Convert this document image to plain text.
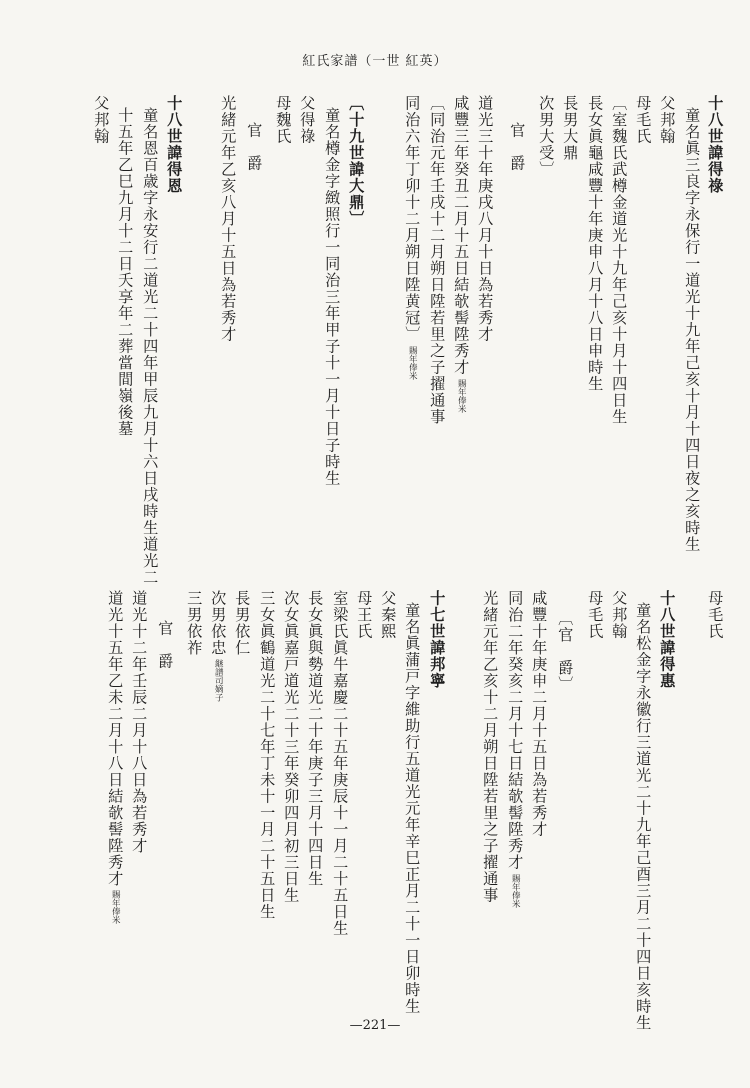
紅氏家譜（一世 紅英）
十八世諱得祿
童名眞三良字永保行一道光十九年己亥十月十四日夜之亥時生
父邦翰
母毛氏
〔室魏氏武樽金道光十九年己亥十月十四日生
長女眞龜咸豐十年庚申八月十八日申時生
長男大鼎
次男大受〕
官　爵
道光三十年庚戌八月十日為若秀才
咸豐三年癸丑二月十五日結欹髻陞秀才賜年俸米
〔同治元年壬戌十二月朔日陞若里之子擢通事
同治六年丁卯十二月朔日陞黄冠〕賜年俸米
〔十九世諱大鼎〕
童名樽金字緻照行一同治三年甲子十一月十日子時生
父得祿
母魏氏
官　爵
光緒元年乙亥八月十五日為若秀才
十八世諱得恩
童名恩百歳字永安行二道光二十四年甲辰九月十六日戌時生道光二
十五年乙巳九月十二日夭享年二葬當間嶺後墓
父邦翰
母毛氏
十八世諱得惠
童名松金字永徽行三道光二十九年己酉三月二十四日亥時生
父邦翰
母毛氏
〔官　爵〕
咸豐十年庚申二月十五日為若秀才
同治二年癸亥二月十七日結欹髻陞秀才賜年俸米
光緒元年乙亥十二月朔日陞若里之子擢通事
十七世諱邦寧
童名眞蒲戸字維助行五道光元年辛巳正月二十一日卯時生
父秦熙
母王氏
室梁氏眞牛嘉慶二十五年庚辰十一月二十五日生
長女眞與勢道光二十年庚子三月十四日生
次女眞嘉戸道光二十三年癸卯四月初三日生
三女眞鶴道光二十七年丁未十一月二十五日生
長男依仁
次男依忠継譜司嫡子
三男依祚
官　爵
道光十二年壬辰二月十八日為若秀才
道光十五年乙未二月十八日結欹髻陞秀才賜年俸米
—221—
